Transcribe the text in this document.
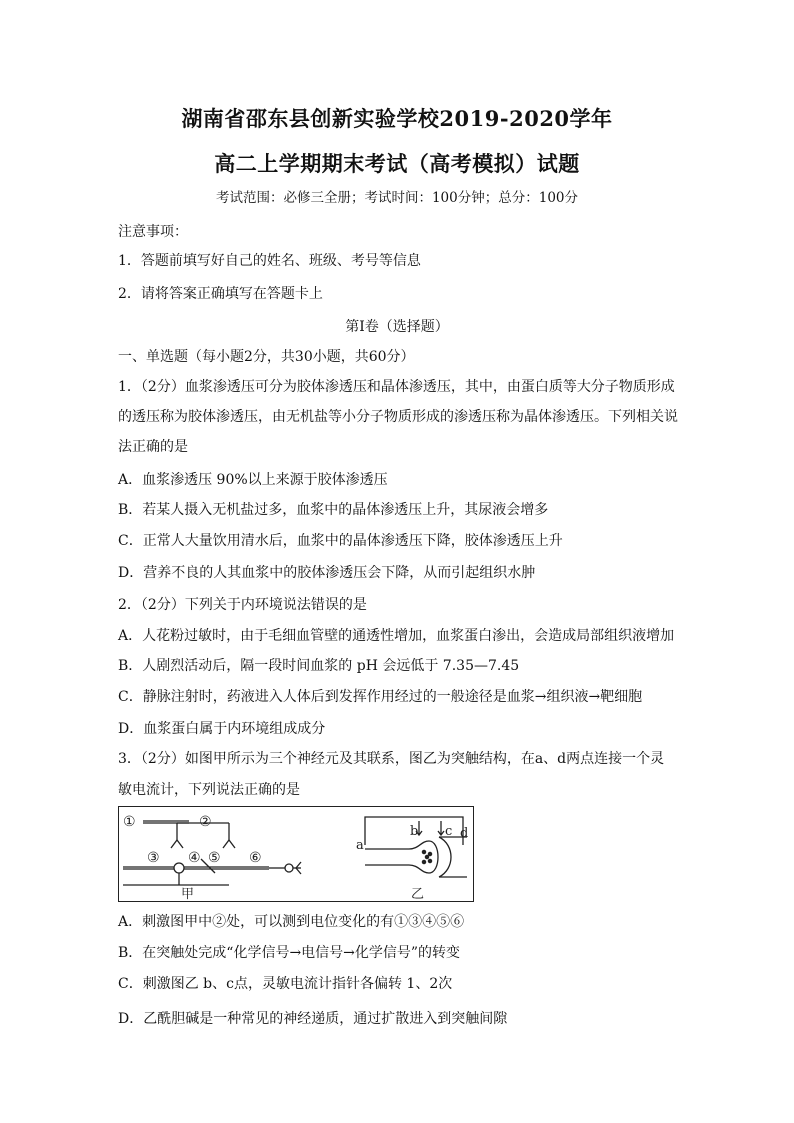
湖南省邵东县创新实验学校2019-2020学年
高二上学期期末考试（高考模拟）试题
考试范围：必修三全册；考试时间：100分钟；总分：100分
注意事项：
1．答题前填写好自己的姓名、班级、考号等信息
2．请将答案正确填写在答题卡上
第I卷（选择题）
一、单选题（每小题2分，共30小题，共60分）
1．（2分）血浆渗透压可分为胶体渗透压和晶体渗透压，其中，由蛋白质等大分子物质形成
的透压称为胶体渗透压，由无机盐等小分子物质形成的渗透压称为晶体渗透压。下列相关说
法正确的是
A．血浆渗透压 90%以上来源于胶体渗透压
B．若某人摄入无机盐过多，血浆中的晶体渗透压上升，其尿液会增多
C．正常人大量饮用清水后，血浆中的晶体渗透压下降，胶体渗透压上升
D．营养不良的人其血浆中的胶体渗透压会下降，从而引起组织水肿
2．（2分）下列关于内环境说法错误的是
A．人花粉过敏时，由于毛细血管壁的通透性增加，血浆蛋白渗出，会造成局部组织液增加
B．人剧烈活动后，隔一段时间血浆的 pH 会远低于 7.35—7.45
C．静脉注射时，药液进入人体后到发挥作用经过的一般途径是血浆→组织液→靶细胞
D．血浆蛋白属于内环境组成成分
3．（2分）如图甲所示为三个神经元及其联系，图乙为突触结构，在a、d两点连接一个灵
敏电流计，下列说法正确的是
①	②
③ ④ ⑤ ⑥
甲
a
b c d
乙
A．刺激图甲中②处，可以测到电位变化的有①③④⑤⑥
B．在突触处完成“化学信号→电信号→化学信号”的转变
C．刺激图乙 b、c点，灵敏电流计指针各偏转 1、2次
D．乙酰胆碱是一种常见的神经递质，通过扩散进入到突触间隙
